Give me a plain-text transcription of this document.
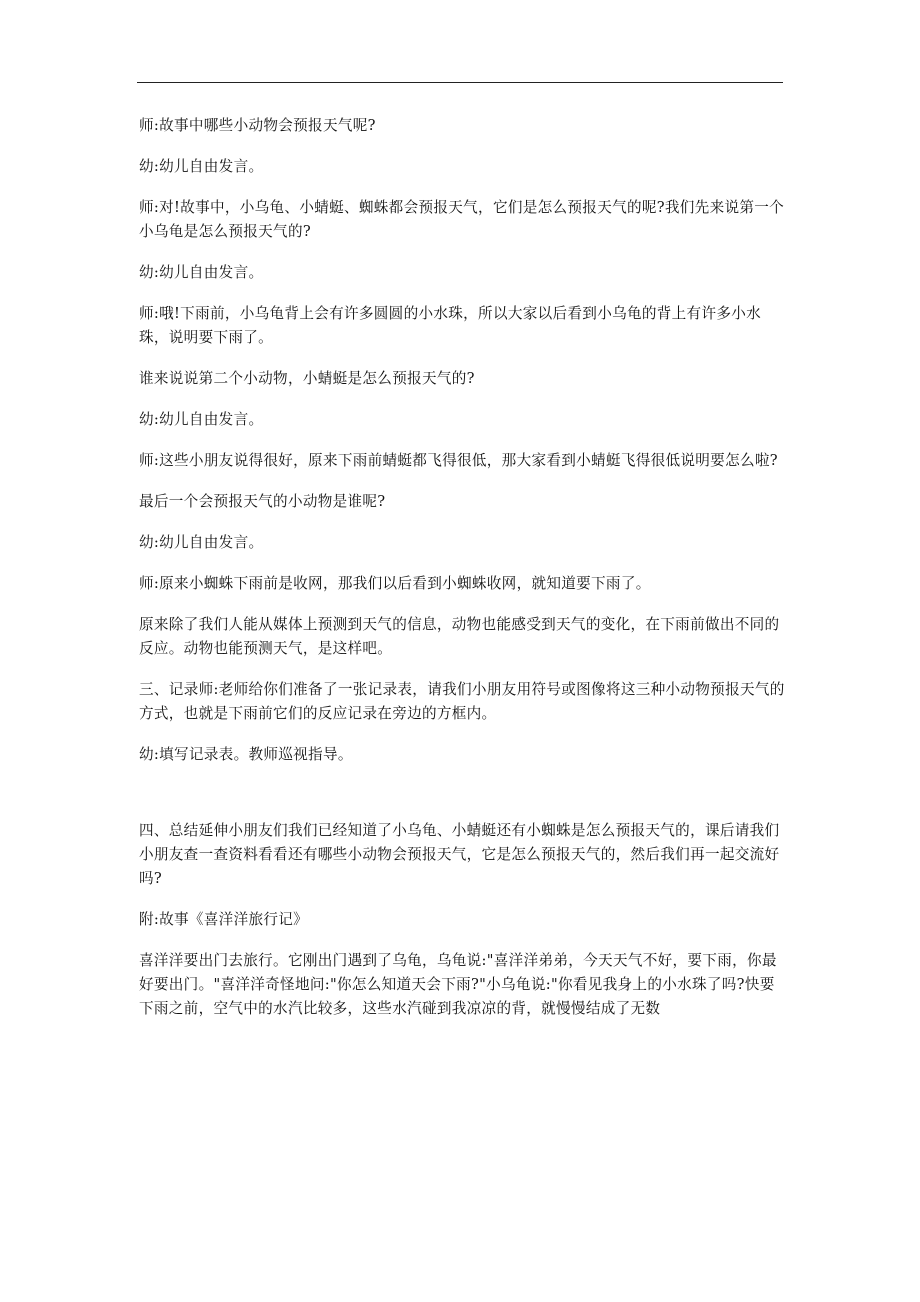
师:故事中哪些小动物会预报天气呢?

幼:幼儿自由发言。

师:对!故事中，小乌龟、小蜻蜓、蜘蛛都会预报天气，它们是怎么预报天气的呢?我们先来说第一个小乌龟是怎么预报天气的?

幼:幼儿自由发言。

师:哦!下雨前，小乌龟背上会有许多圆圆的小水珠，所以大家以后看到小乌龟的背上有许多小水珠，说明要下雨了。

谁来说说第二个小动物，小蜻蜓是怎么预报天气的?

幼:幼儿自由发言。

师:这些小朋友说得很好，原来下雨前蜻蜓都飞得很低，那大家看到小蜻蜓飞得很低说明要怎么啦?

最后一个会预报天气的小动物是谁呢?

幼:幼儿自由发言。

师:原来小蜘蛛下雨前是收网，那我们以后看到小蜘蛛收网，就知道要下雨了。

原来除了我们人能从媒体上预测到天气的信息，动物也能感受到天气的变化，在下雨前做出不同的反应。动物也能预测天气，是这样吧。

三、记录师:老师给你们准备了一张记录表，请我们小朋友用符号或图像将这三种小动物预报天气的方式，也就是下雨前它们的反应记录在旁边的方框内。

幼:填写记录表。教师巡视指导。

四、总结延伸小朋友们我们已经知道了小乌龟、小蜻蜓还有小蜘蛛是怎么预报天气的，课后请我们小朋友查一查资料看看还有哪些小动物会预报天气，它是怎么预报天气的，然后我们再一起交流好吗?

附:故事《喜洋洋旅行记》

喜洋洋要出门去旅行。它刚出门遇到了乌龟，乌龟说:"喜洋洋弟弟，今天天气不好，要下雨，你最好要出门。"喜洋洋奇怪地问:"你怎么知道天会下雨?"小乌龟说:"你看见我身上的小水珠了吗?快要下雨之前，空气中的水汽比较多，这些水汽碰到我凉凉的背，就慢慢结成了无数
